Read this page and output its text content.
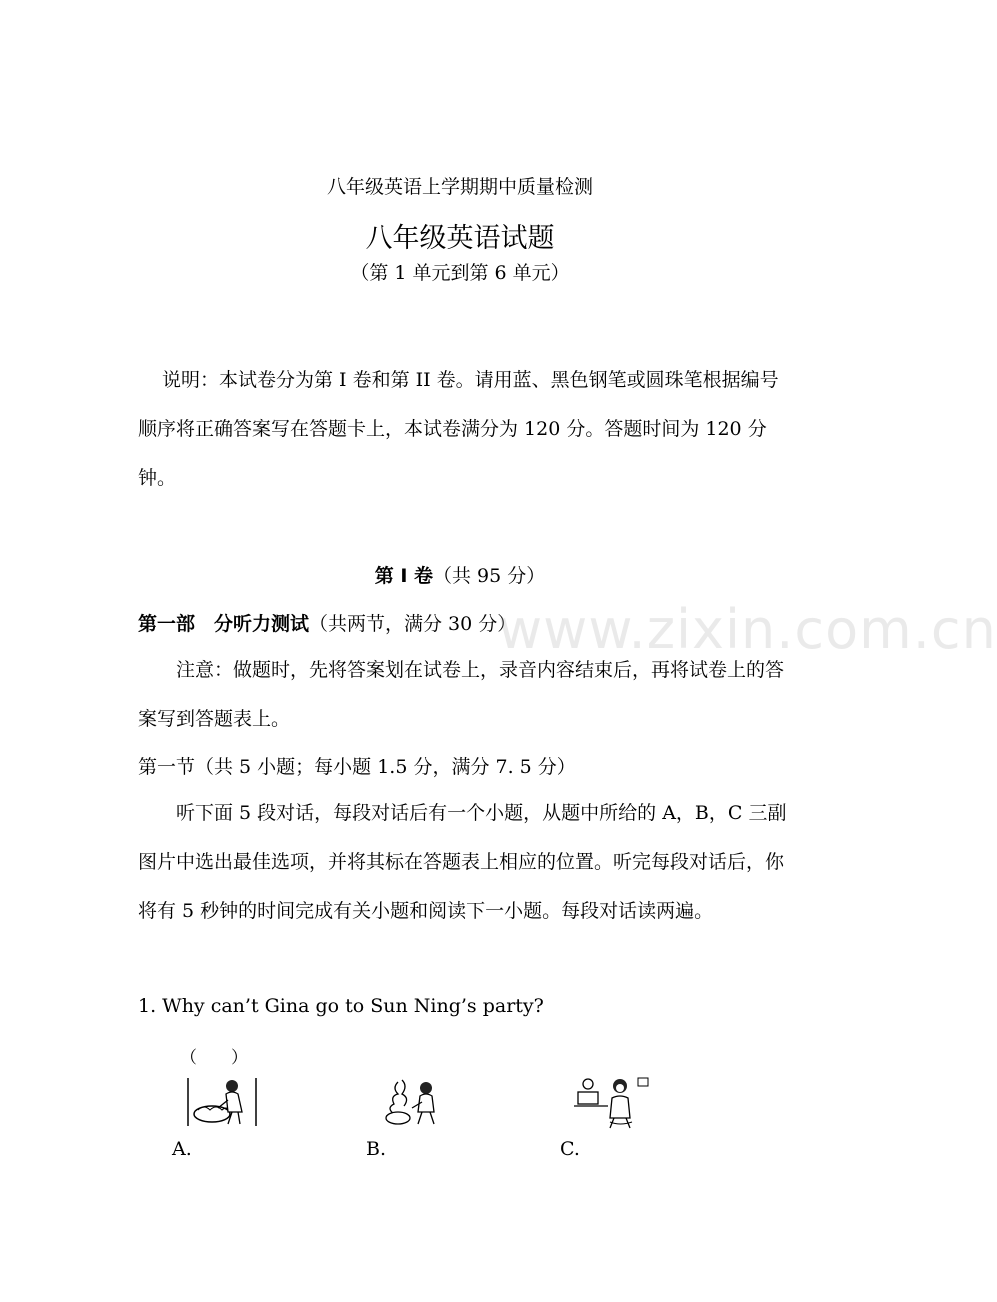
八年级英语上学期期中质量检测
八年级英语试题
（第 1 单元到第 6 单元）
说明：本试卷分为第 I 卷和第 II 卷。请用蓝、黑色钢笔或圆珠笔根据编号顺序将正确答案写在答题卡上，本试卷满分为 120 分。答题时间为 120 分钟。
第 I 卷（共 95 分）
第一部　分听力测试（共两节，满分 30 分）
www.zixin.com.cn
注意：做题时，先将答案划在试卷上，录音内容结束后，再将试卷上的答案写到答题表上。
第一节（共 5 小题；每小题 1.5 分，满分 7. 5 分）
听下面 5 段对话，每段对话后有一个小题，从题中所给的 A，B，C 三副图片中选出最佳选项，并将其标在答题表上相应的位置。听完每段对话后，你将有 5 秒钟的时间完成有关小题和阅读下一小题。每段对话读两遍。
1. Why can’t Gina go to Sun Ning’s party?
（　　）
A.	B.	C.
